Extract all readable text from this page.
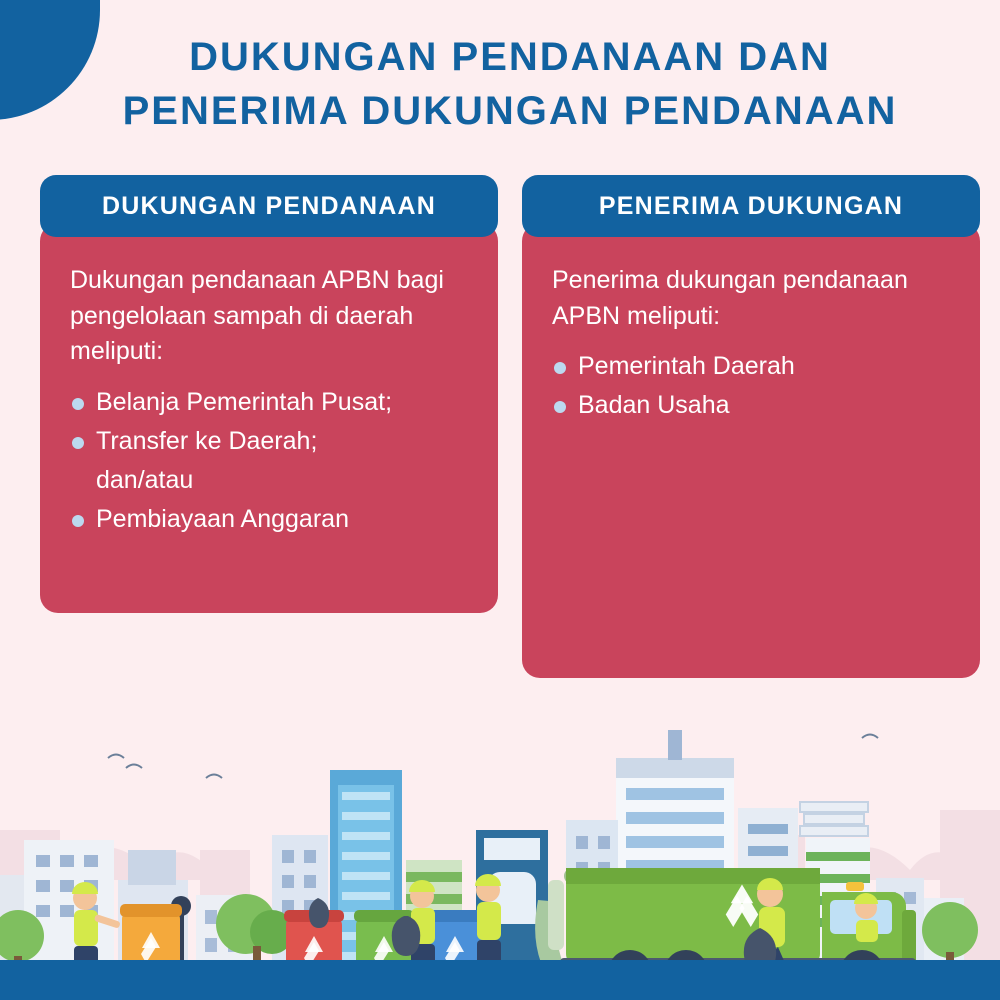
DUKUNGAN PENDANAAN DAN
PENERIMA DUKUNGAN PENDANAAN
DUKUNGAN PENDANAAN

Dukungan pendanaan APBN bagi pengelolaan sampah di daerah meliputi:

Belanja Pemerintah Pusat;
Transfer ke Daerah;
dan/atau
Pembiayaan Anggaran
PENERIMA DUKUNGAN

Penerima dukungan pendanaan APBN meliputi:

Pemerintah Daerah
Badan Usaha
